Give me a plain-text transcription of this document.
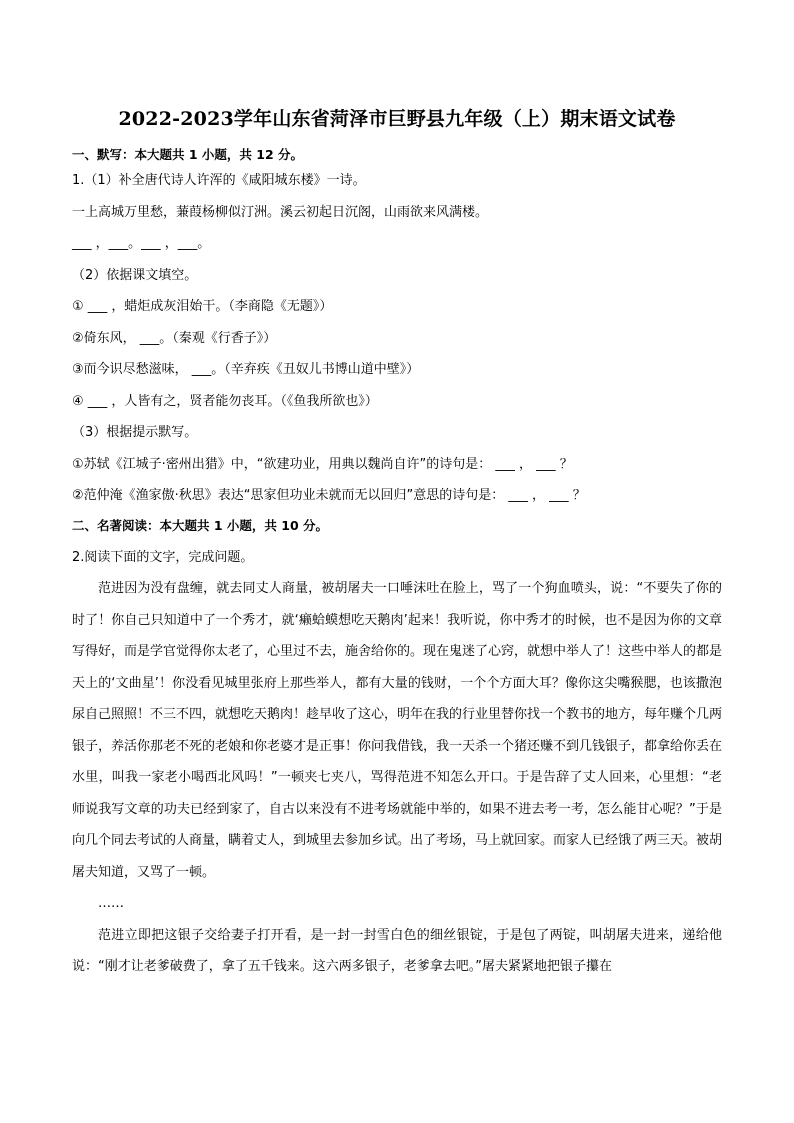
2022-2023学年山东省菏泽市巨野县九年级（上）期末语文试卷
一、默写：本大题共 1 小题，共 12 分。
1.（1）补全唐代诗人许浑的《咸阳城东楼》一诗。
一上高城万里愁，蒹葭杨柳似汀洲。溪云初起日沉阁，山雨欲来风满楼。
___ ，___。___ ，___。
（2）依据课文填空。
① ___ ，蜡炬成灰泪始干。（李商隐《无题》）
②倚东风， ___。（秦观《行香子》）
③而今识尽愁滋味， ___。（辛弃疾《丑奴儿书博山道中壁》）
④ ___ ，人皆有之，贤者能勿丧耳。（《鱼我所欲也》）
（3）根据提示默写。
①苏轼《江城子·密州出猎》中，“欲建功业，用典以魏尚自许”的诗句是： ___ ， ___ ？
②范仲淹《渔家傲·秋思》表达“思家但功业未就而无以回归”意思的诗句是： ___ ， ___ ？
二、名著阅读：本大题共 1 小题，共 10 分。
2.阅读下面的文字，完成问题。
范进因为没有盘缠，就去同丈人商量，被胡屠夫一口唾沫吐在脸上，骂了一个狗血喷头，说：“不要失了你的时了！你自己只知道中了一个秀才，就‘癞蛤蟆想吃天鹅肉’起来！我听说，你中秀才的时候，也不是因为你的文章写得好，而是学官觉得你太老了，心里过不去，施舍给你的。现在鬼迷了心窍，就想中举人了！这些中举人的都是天上的‘文曲星’！你没看见城里张府上那些举人，都有大量的钱财，一个个方面大耳？像你这尖嘴猴腮，也该撒泡尿自己照照！不三不四，就想吃天鹅肉！趁早收了这心，明年在我的行业里替你找一个教书的地方，每年赚个几两银子，养活你那老不死的老娘和你老婆才是正事！你问我借钱，我一天杀一个猪还赚不到几钱银子，都拿给你丢在水里，叫我一家老小喝西北风吗！”一顿夹七夹八，骂得范进不知怎么开口。于是告辞了丈人回来，心里想：“老师说我写文章的功夫已经到家了，自古以来没有不进考场就能中举的，如果不进去考一考，怎么能甘心呢？”于是向几个同去考试的人商量，瞒着丈人，到城里去参加乡试。出了考场，马上就回家。而家人已经饿了两三天。被胡屠夫知道，又骂了一顿。
……
范进立即把这银子交给妻子打开看，是一封一封雪白色的细丝银锭，于是包了两锭，叫胡屠夫进来，递给他说：“刚才让老爹破费了，拿了五千钱来。这六两多银子，老爹拿去吧。”屠夫紧紧地把银子攥在
